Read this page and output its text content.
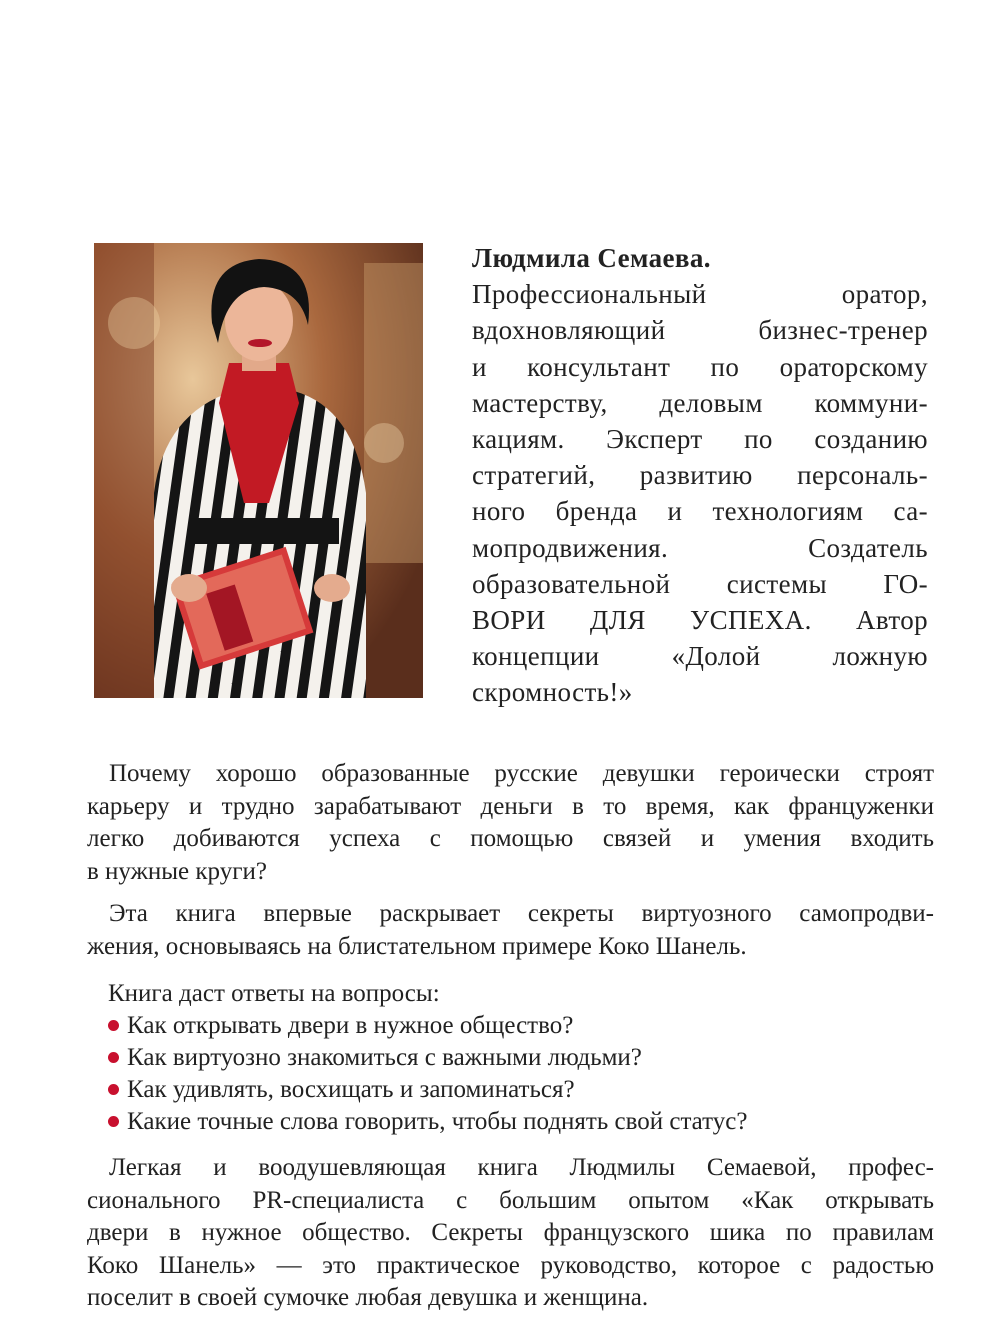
Людмила Семаева.
Профессиональный оратор,
вдохновляющий бизнес-тренер
и консультант по ораторскому
мастерству, деловым коммуни-
кациям. Эксперт по созданию
стратегий, развитию персональ-
ного бренда и технологиям са-
мопродвижения. Создатель
образовательной системы ГО-
ВОРИ ДЛЯ УСПЕХА. Автор
концепции «Долой ложную
скромность!»
Почему хорошо образованные русские девушки героически строят
карьеру и трудно зарабатывают деньги в то время, как француженки
легко добиваются успеха с помощью связей и умения входить
в нужные круги?
Эта книга впервые раскрывает секреты виртуозного самопродви-
жения, основываясь на блистательном примере Коко Шанель.
Книга даст ответы на вопросы:
Как открывать двери в нужное общество?
Как виртуозно знакомиться с важными людьми?
Как удивлять, восхищать и запоминаться?
Какие точные слова говорить, чтобы поднять свой статус?
Легкая и воодушевляющая книга Людмилы Семаевой, профес-
сионального PR-специалиста с большим опытом «Как открывать
двери в нужное общество. Секреты французского шика по правилам
Коко Шанель» — это практическое руководство, которое с радостью
поселит в своей сумочке любая девушка и женщина.
